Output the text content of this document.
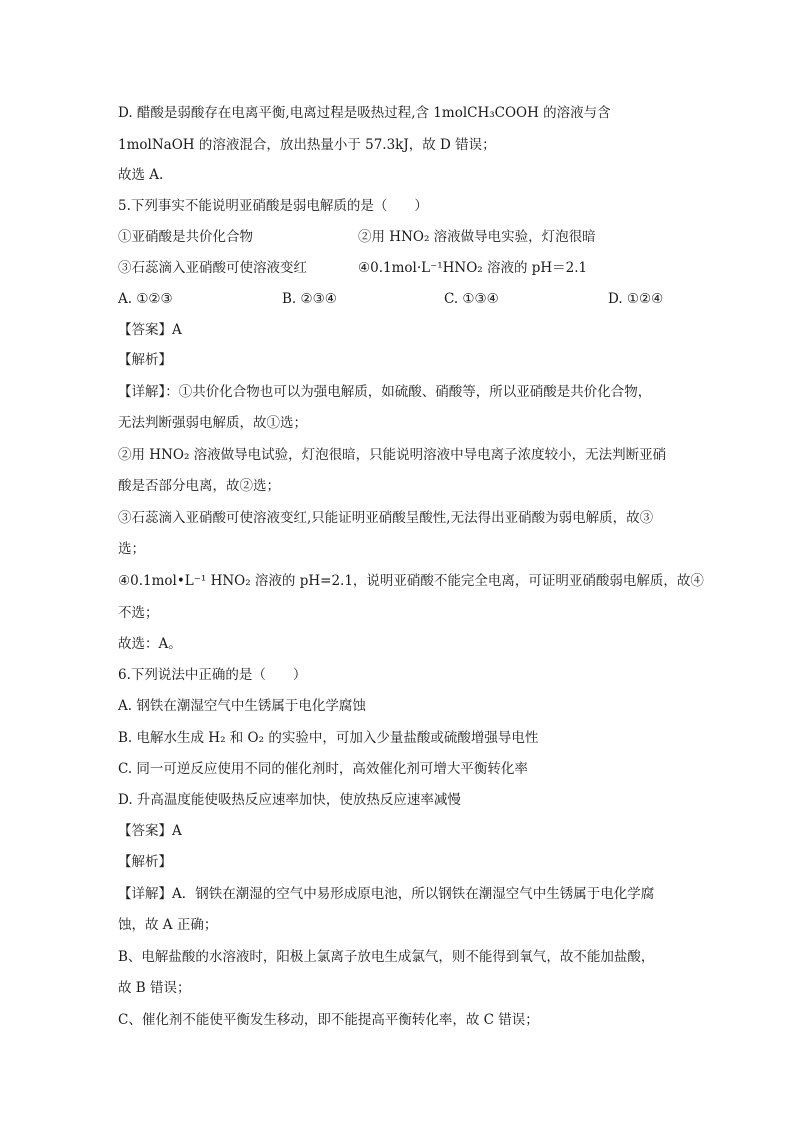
D. 醋酸是弱酸存在电离平衡,电离过程是吸热过程,含 1molCH₃COOH 的溶液与含
1molNaOH 的溶液混合，放出热量小于 57.3kJ，故 D 错误；
故选 A.
5.下列事实不能说明亚硝酸是弱电解质的是（　　）
①亚硝酸是共价化合物	②用 HNO₂ 溶液做导电实验，灯泡很暗
③石蕊滴入亚硝酸可使溶液变红	④0.1mol·L⁻¹HNO₂ 溶液的 pH＝2.1
A. ①②③	B. ②③④	C. ①③④	D. ①②④
【答案】A
【解析】
【详解】：①共价化合物也可以为强电解质，如硫酸、硝酸等，所以亚硝酸是共价化合物，
无法判断强弱电解质，故①选；
②用 HNO₂ 溶液做导电试验，灯泡很暗，只能说明溶液中导电离子浓度较小，无法判断亚硝
酸是否部分电离，故②选；
③石蕊滴入亚硝酸可使溶液变红,只能证明亚硝酸呈酸性,无法得出亚硝酸为弱电解质，故③
选；
④0.1mol•L⁻¹ HNO₂ 溶液的 pH=2.1，说明亚硝酸不能完全电离，可证明亚硝酸弱电解质，故④
不选；
故选：A。
6.下列说法中正确的是（　　）
A. 钢铁在潮湿空气中生锈属于电化学腐蚀
B. 电解水生成 H₂ 和 O₂ 的实验中，可加入少量盐酸或硫酸增强导电性
C. 同一可逆反应使用不同的催化剂时，高效催化剂可增大平衡转化率
D. 升高温度能使吸热反应速率加快，使放热反应速率减慢
【答案】A
【解析】
【详解】A．钢铁在潮湿的空气中易形成原电池，所以钢铁在潮湿空气中生锈属于电化学腐
蚀，故 A 正确；
B、电解盐酸的水溶液时，阳极上氯离子放电生成氯气，则不能得到氧气，故不能加盐酸，
故 B 错误；
C、催化剂不能使平衡发生移动，即不能提高平衡转化率，故 C 错误；
